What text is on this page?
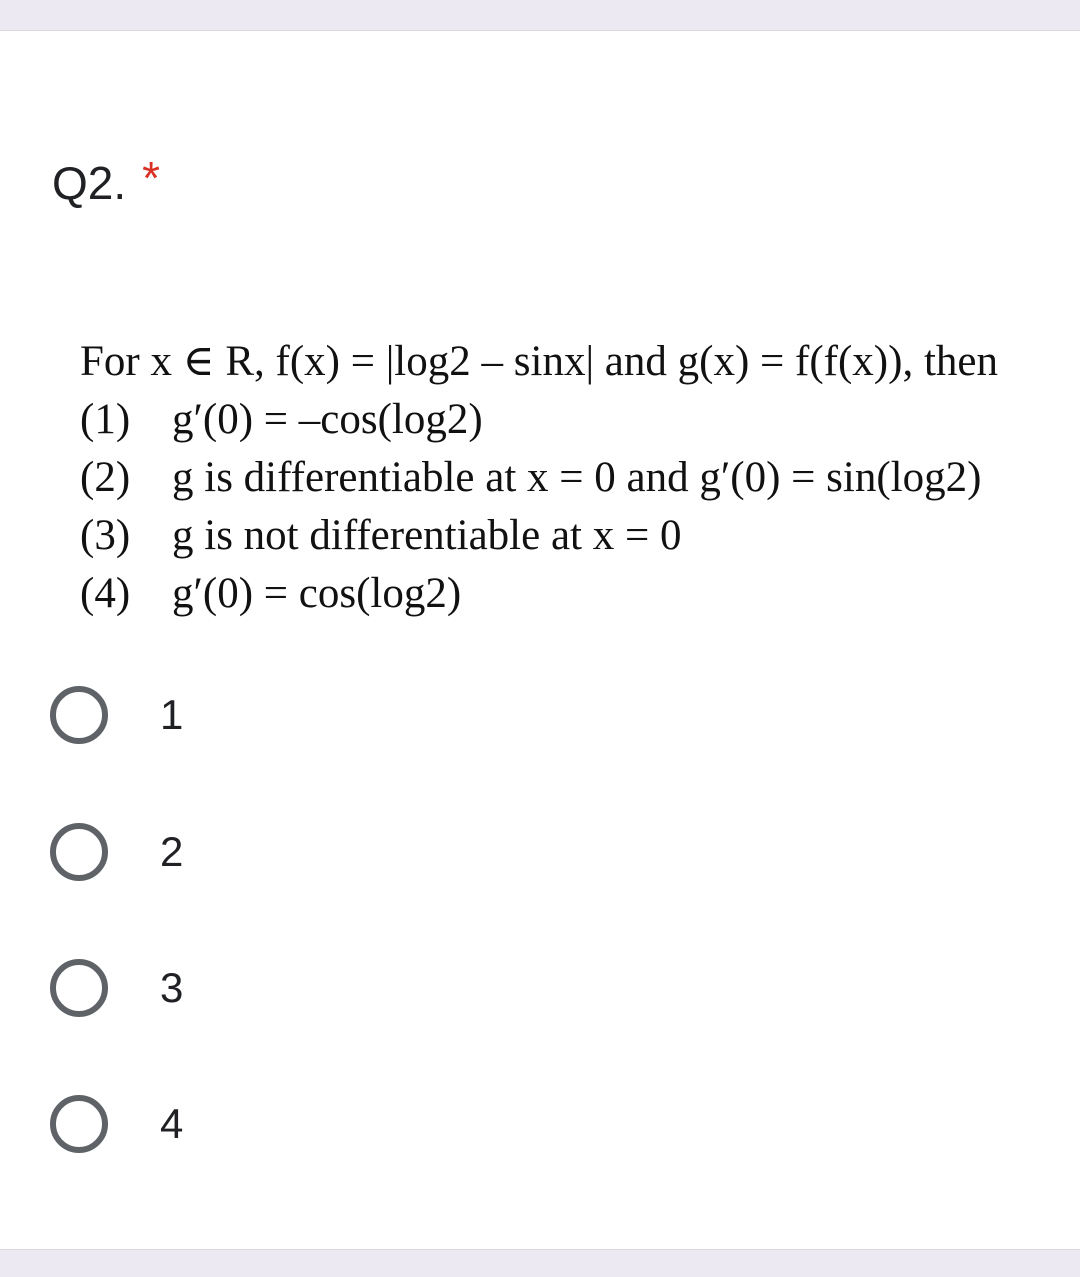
Q2. *
For x ∈ R, f(x) = |log2 – sinx| and g(x) = f(f(x)), then
(1) g′(0) = –cos(log2)
(2) g is differentiable at x = 0 and g′(0) = sin(log2)
(3) g is not differentiable at x = 0
(4) g′(0) = cos(log2)
1
2
3
4
